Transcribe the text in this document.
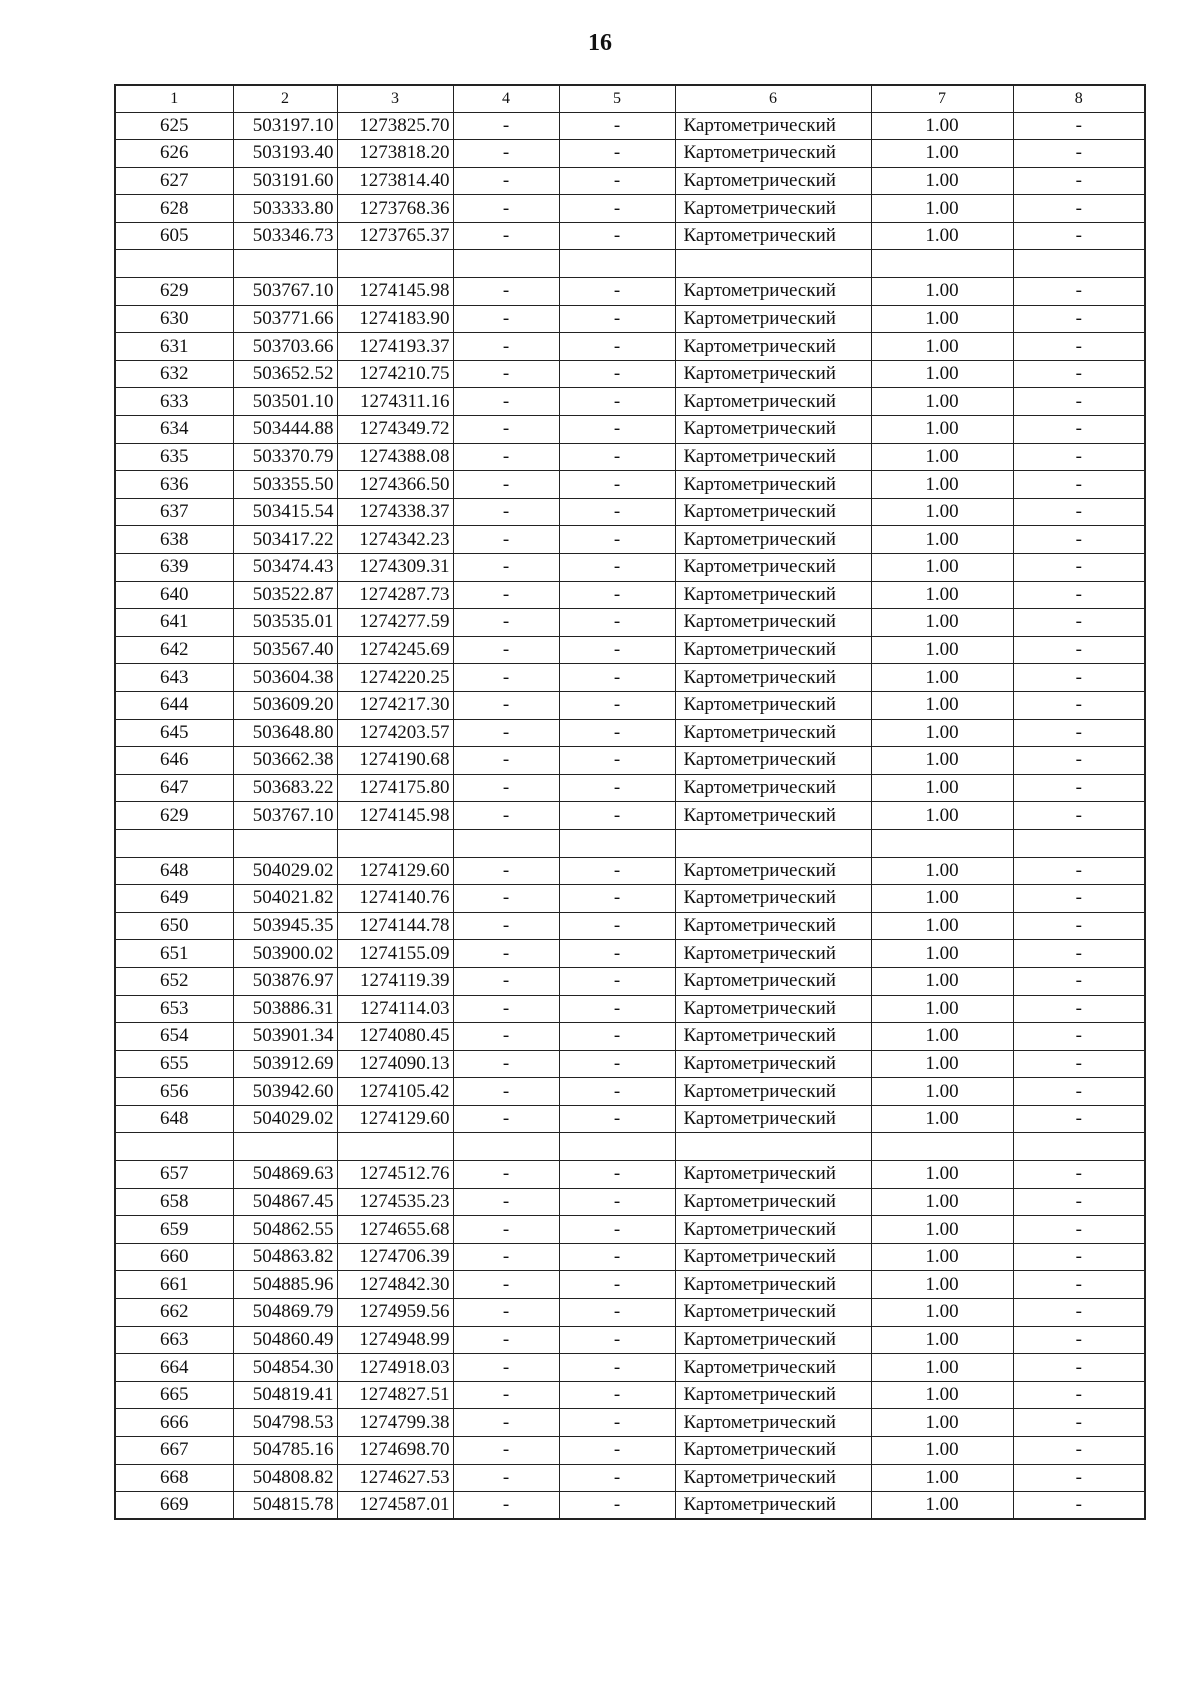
16
1	2	3	4	5	6	7	8
625	503197.10	1273825.70	-	-	Картометрический	1.00	-
626	503193.40	1273818.20	-	-	Картометрический	1.00	-
627	503191.60	1273814.40	-	-	Картометрический	1.00	-
628	503333.80	1273768.36	-	-	Картометрический	1.00	-
605	503346.73	1273765.37	-	-	Картометрический	1.00	-

629	503767.10	1274145.98	-	-	Картометрический	1.00	-
630	503771.66	1274183.90	-	-	Картометрический	1.00	-
631	503703.66	1274193.37	-	-	Картометрический	1.00	-
632	503652.52	1274210.75	-	-	Картометрический	1.00	-
633	503501.10	1274311.16	-	-	Картометрический	1.00	-
634	503444.88	1274349.72	-	-	Картометрический	1.00	-
635	503370.79	1274388.08	-	-	Картометрический	1.00	-
636	503355.50	1274366.50	-	-	Картометрический	1.00	-
637	503415.54	1274338.37	-	-	Картометрический	1.00	-
638	503417.22	1274342.23	-	-	Картометрический	1.00	-
639	503474.43	1274309.31	-	-	Картометрический	1.00	-
640	503522.87	1274287.73	-	-	Картометрический	1.00	-
641	503535.01	1274277.59	-	-	Картометрический	1.00	-
642	503567.40	1274245.69	-	-	Картометрический	1.00	-
643	503604.38	1274220.25	-	-	Картометрический	1.00	-
644	503609.20	1274217.30	-	-	Картометрический	1.00	-
645	503648.80	1274203.57	-	-	Картометрический	1.00	-
646	503662.38	1274190.68	-	-	Картометрический	1.00	-
647	503683.22	1274175.80	-	-	Картометрический	1.00	-
629	503767.10	1274145.98	-	-	Картометрический	1.00	-

648	504029.02	1274129.60	-	-	Картометрический	1.00	-
649	504021.82	1274140.76	-	-	Картометрический	1.00	-
650	503945.35	1274144.78	-	-	Картометрический	1.00	-
651	503900.02	1274155.09	-	-	Картометрический	1.00	-
652	503876.97	1274119.39	-	-	Картометрический	1.00	-
653	503886.31	1274114.03	-	-	Картометрический	1.00	-
654	503901.34	1274080.45	-	-	Картометрический	1.00	-
655	503912.69	1274090.13	-	-	Картометрический	1.00	-
656	503942.60	1274105.42	-	-	Картометрический	1.00	-
648	504029.02	1274129.60	-	-	Картометрический	1.00	-

657	504869.63	1274512.76	-	-	Картометрический	1.00	-
658	504867.45	1274535.23	-	-	Картометрический	1.00	-
659	504862.55	1274655.68	-	-	Картометрический	1.00	-
660	504863.82	1274706.39	-	-	Картометрический	1.00	-
661	504885.96	1274842.30	-	-	Картометрический	1.00	-
662	504869.79	1274959.56	-	-	Картометрический	1.00	-
663	504860.49	1274948.99	-	-	Картометрический	1.00	-
664	504854.30	1274918.03	-	-	Картометрический	1.00	-
665	504819.41	1274827.51	-	-	Картометрический	1.00	-
666	504798.53	1274799.38	-	-	Картометрический	1.00	-
667	504785.16	1274698.70	-	-	Картометрический	1.00	-
668	504808.82	1274627.53	-	-	Картометрический	1.00	-
669	504815.78	1274587.01	-	-	Картометрический	1.00	-
